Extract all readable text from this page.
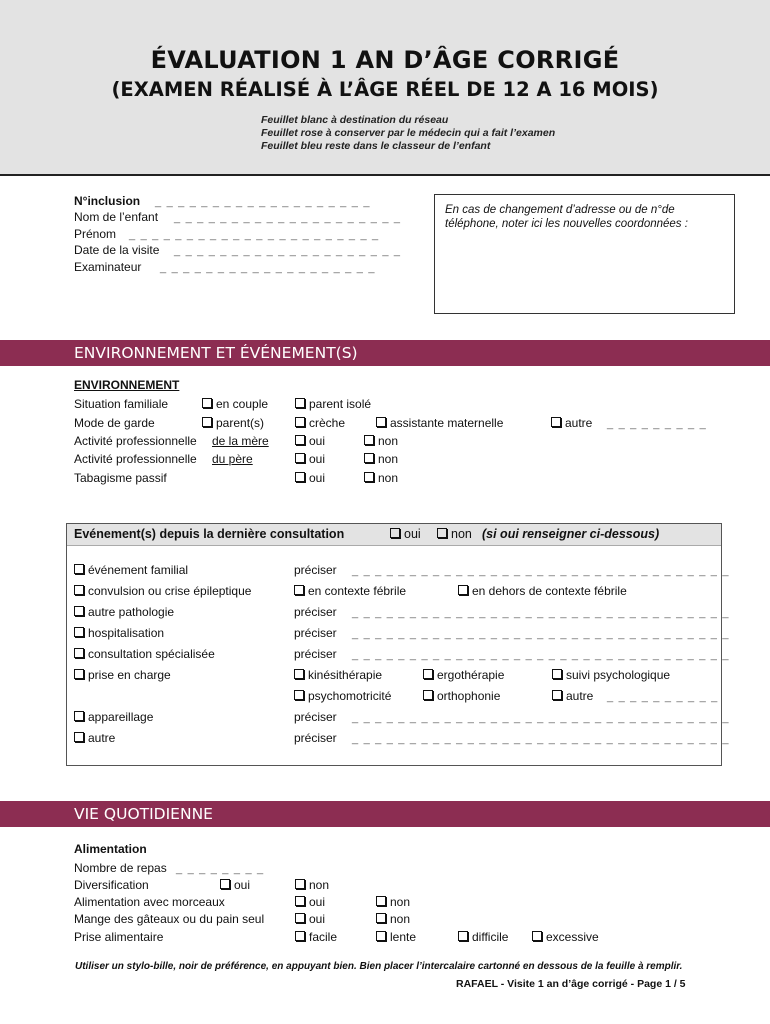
ÉVALUATION 1 AN D’ÂGE CORRIGÉ
(EXAMEN RÉALISÉ À L’ÂGE RÉEL DE 12 A 16 MOIS)
Feuillet blanc à destination du réseau
Feuillet rose à conserver par le médecin qui a fait l’examen
Feuillet bleu reste dans le classeur de l’enfant
N°inclusion _ _ _ _ _ _ _ _ _ _ _ _ _ _ _ _ _ _ _
Nom de l’enfant _ _ _ _ _ _ _ _ _ _ _ _ _ _ _ _ _ _ _ _
Prénom _ _ _ _ _ _ _ _ _ _ _ _ _ _ _ _ _ _ _ _ _ _
Date de la visite _ _ _ _ _ _ _ _ _ _ _ _ _ _ _ _ _ _ _ _
Examinateur _ _ _ _ _ _ _ _ _ _ _ _ _ _ _ _ _ _ _
En cas de changement d’adresse ou de n°de téléphone, noter ici les nouvelles coordonnées :
ENVIRONNEMENT ET ÉVÉNEMENT(S)
ENVIRONNEMENT
Situation familiale	en couple	parent isolé
Mode de garde	parent(s)	crèche	assistante maternelle	autre _ _ _ _ _ _ _ _ _
Activité professionnelle de la mère	oui	non
Activité professionnelle du père	oui	non
Tabagisme passif	oui	non
Evénement(s) depuis la dernière consultation	oui	non (si oui renseigner ci-dessous)
événement familial	préciser _ _ _ _ _ _ _ _ _ _ _ _ _ _ _ _ _ _ _ _ _ _ _ _ _ _ _ _ _ _ _ _ _
convulsion ou crise épileptique	en contexte fébrile	en dehors de contexte fébrile
autre pathologie	préciser _ _ _ _ _ _ _ _ _ _ _ _ _ _ _ _ _ _ _ _ _ _ _ _ _ _ _ _ _ _ _ _ _
hospitalisation	préciser _ _ _ _ _ _ _ _ _ _ _ _ _ _ _ _ _ _ _ _ _ _ _ _ _ _ _ _ _ _ _ _ _
consultation spécialisée	préciser _ _ _ _ _ _ _ _ _ _ _ _ _ _ _ _ _ _ _ _ _ _ _ _ _ _ _ _ _ _ _ _ _
prise en charge	kinésithérapie	ergothérapie	suivi psychologique
psychomotricité	orthophonie	autre _ _ _ _ _ _ _ _ _ _
appareillage	préciser _ _ _ _ _ _ _ _ _ _ _ _ _ _ _ _ _ _ _ _ _ _ _ _ _ _ _ _ _ _ _ _ _
autre	préciser _ _ _ _ _ _ _ _ _ _ _ _ _ _ _ _ _ _ _ _ _ _ _ _ _ _ _ _ _ _ _ _ _
VIE QUOTIDIENNE
Alimentation
Nombre de repas _ _ _ _ _ _ _ _
Diversification	oui	non
Alimentation avec morceaux	oui	non
Mange des gâteaux ou du pain seul	oui	non
Prise alimentaire	facile	lente	difficile	excessive
Utiliser un stylo-bille, noir de préférence, en appuyant bien. Bien placer l’intercalaire cartonné en dessous de la feuille à remplir.
RAFAEL - Visite 1 an d’âge corrigé - Page 1 / 5
